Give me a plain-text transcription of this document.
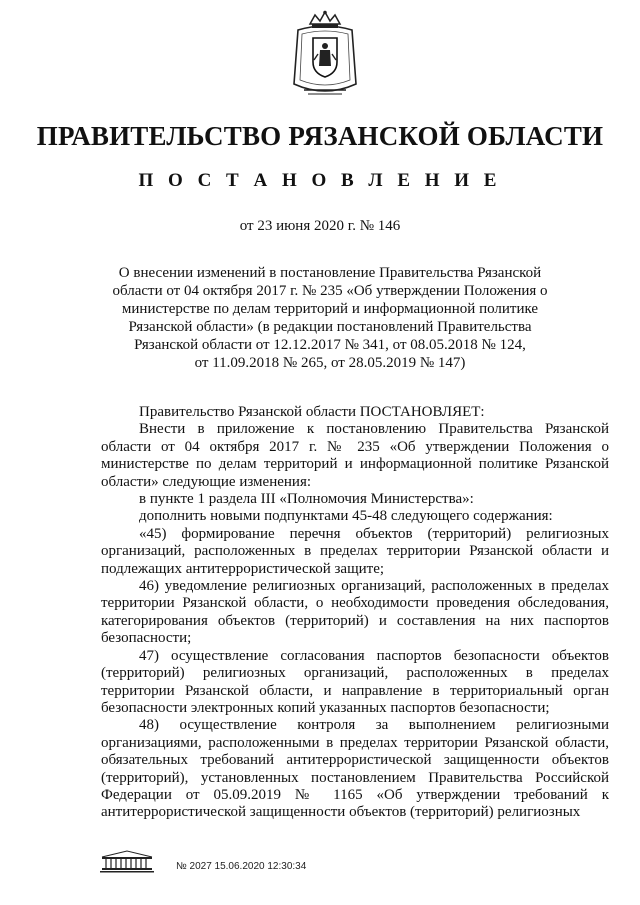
ПРАВИТЕЛЬСТВО РЯЗАНСКОЙ ОБЛАСТИ
П О С Т А Н О В Л Е Н И Е
от 23 июня 2020 г. № 146
О внесении изменений в постановление Правительства Рязанской
области от 04 октября 2017 г. № 235 «Об утверждении Положения о
министерстве по делам территорий и информационной политике
Рязанской области» (в редакции постановлений Правительства
Рязанской области от 12.12.2017 № 341, от 08.05.2018 № 124,
от 11.09.2018 № 265, от 28.05.2019 № 147)

Правительство Рязанской области ПОСТАНОВЛЯЕТ:

Внести в приложение к постановлению Правительства Рязанской области от 04 октября 2017 г. № 235 «Об утверждении Положения о министерстве по делам территорий и информационной политике Рязанской области» следующие изменения:

в пункте 1 раздела III «Полномочия Министерства»:

дополнить новыми подпунктами 45-48 следующего содержания:

«45) формирование перечня объектов (территорий) религиозных организаций, расположенных в пределах территории Рязанской области и подлежащих антитеррористической защите;

46) уведомление религиозных организаций, расположенных в пределах территории Рязанской области, о необходимости проведения обследования, категорирования объектов (территорий) и составления на них паспортов безопасности;

47) осуществление согласования паспортов безопасности объектов (территорий) религиозных организаций, расположенных в пределах территории Рязанской области, и направление в территориальный орган безопасности электронных копий указанных паспортов безопасности;

48) осуществление контроля за выполнением религиозными организациями, расположенными в пределах территории Рязанской области, обязательных требований антитеррористической защищенности объектов (территорий), установленных постановлением Правительства Российской Федерации от 05.09.2019 № 1165 «Об утверждении требований к антитеррористической защищенности объектов (территорий) религиозных

№ 2027 15.06.2020 12:30:34
